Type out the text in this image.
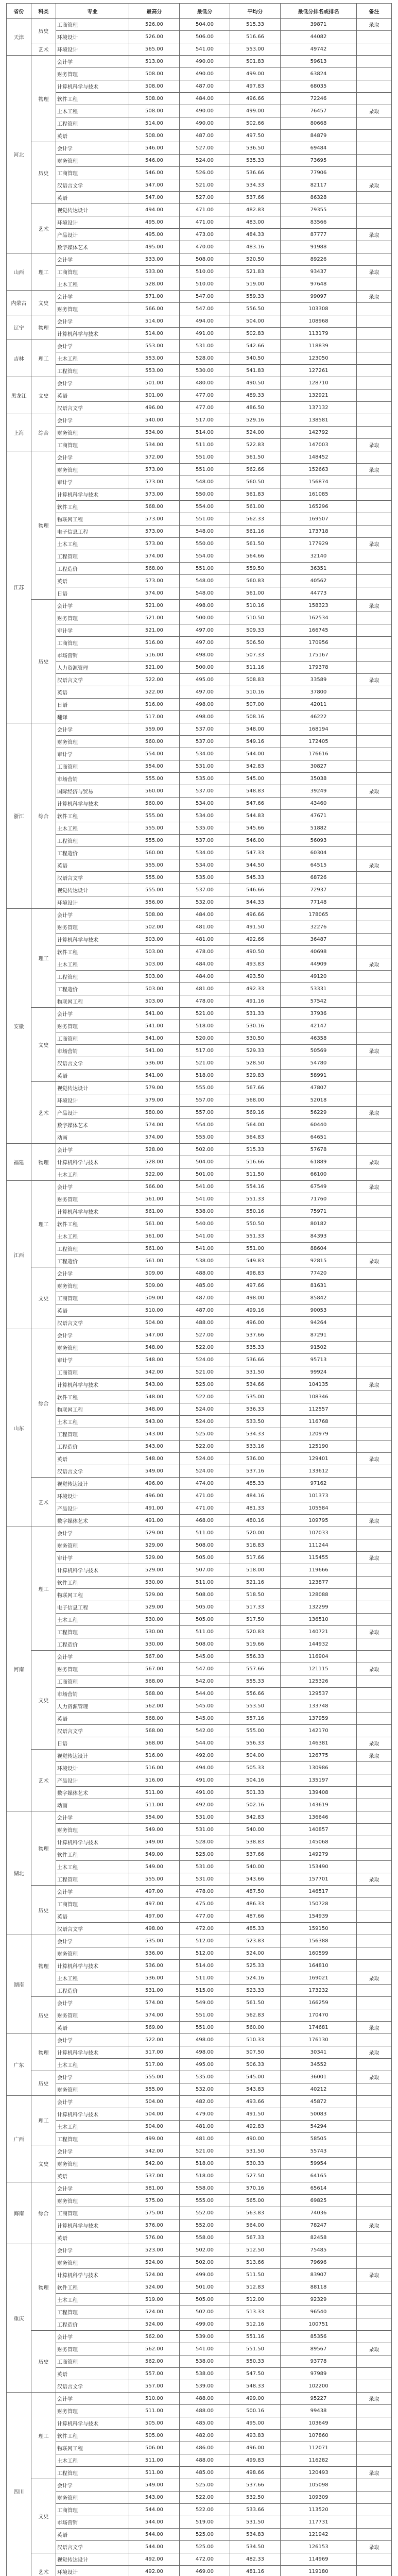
省份	科类	专业	最高分	最低分	平均分	最低分排名或排名	备注
天津	历史	工商管理	526.00	504.00	515.33	39871	录取
		环境设计	526.00	506.00	516.66	44082	
	艺术	环境设计	565.00	541.00	553.00	49742	
河北	物理	会计学	513.00	490.00	501.83	59613	
		财务管理	508.00	490.00	499.00	63824	
		计算机科学与技术	508.00	487.00	497.83	68035	
		软件工程	508.00	484.00	496.66	72246	
		土木工程	508.00	490.00	499.00	76457	录取
		工程管理	514.00	490.00	502.66	80668	
		英语	508.00	487.00	497.50	84879	
	历史	会计学	546.00	527.00	536.50	69484	
		财务管理	546.00	524.00	535.33	73695	
		工商管理	546.00	526.00	536.66	77906	
		汉语言文学	547.00	521.00	534.33	82117	录取
		英语	547.00	527.00	537.66	86328	
	艺术	视觉传达设计	494.00	471.00	482.83	79355	
		环境设计	495.00	471.00	483.00	83566	
		产品设计	495.00	473.00	484.33	87777	录取
		数字媒体艺术	495.00	470.00	483.16	91988	
山西	理工	会计学	533.00	508.00	520.50	89226	
		工商管理	533.00	510.00	521.83	93437	录取
		土木工程	528.00	510.00	519.00	97648	
内蒙古	文史	会计学	571.00	547.00	559.33	99097	录取
		财务管理	566.00	547.00	556.50	103308	
辽宁	物理	会计学	514.00	494.00	504.00	108968	
		计算机科学与技术	514.00	491.00	502.83	113179	
吉林	理工	会计学	553.00	531.00	542.66	118839	
		土木工程	553.00	528.00	540.50	123050	
		工程管理	553.00	530.00	541.83	127261	
黑龙江	文史	会计学	501.00	480.00	490.50	128710	
		英语	501.00	477.00	489.33	132921	
		汉语言文学	496.00	477.00	486.50	137132	
上海	综合	会计学	540.00	517.00	529.16	138581	
		财务管理	534.00	514.00	524.00	142792	
		工商管理	534.00	511.00	522.83	147003	录取
江苏	物理	会计学	572.00	551.00	561.50	148452	
		财务管理	573.00	551.00	562.66	152663	录取
		审计学	573.00	548.00	560.50	156874	
		计算机科学与技术	573.00	550.00	561.83	161085	
		软件工程	568.00	554.00	561.00	165296	
		物联网工程	573.00	551.00	562.33	169507	
		电子信息工程	573.00	548.00	561.16	173718	
		土木工程	573.00	550.00	561.50	177929	录取
		工程管理	574.00	554.00	564.66	32140	
		工程造价	568.00	551.00	559.50	36351	
		英语	573.00	548.00	560.83	40562	
		日语	574.00	548.00	561.00	44773	
	历史	会计学	521.00	498.00	510.16	158323	录取
		财务管理	521.00	500.00	510.50	162534	
		审计学	521.00	497.00	509.33	166745	
		工商管理	516.00	497.00	506.50	170956	
		市场营销	516.00	498.00	507.33	175167	
		人力资源管理	521.00	500.00	511.16	179378	
		汉语言文学	522.00	495.00	508.83	33589	录取
		英语	522.00	497.00	510.16	37800	
		日语	516.00	498.00	507.00	42011	
		翻译	517.00	498.00	508.16	46222	
浙江	综合	会计学	559.00	537.00	548.00	168194	
		财务管理	560.00	537.00	549.16	172405	
		审计学	554.00	534.00	544.00	176616	
		工商管理	554.00	531.00	542.83	30827	
		市场营销	555.00	535.00	545.00	35038	
		国际经济与贸易	560.00	537.00	548.83	39249	录取
		计算机科学与技术	560.00	534.00	547.66	43460	
		软件工程	555.00	534.00	544.83	47671	
		土木工程	555.00	535.00	545.66	51882	
		工程管理	555.00	537.00	546.00	56093	
		工程造价	560.00	534.00	547.33	60304	
		英语	555.00	534.00	544.50	64515	录取
		汉语言文学	555.00	535.00	545.33	68726	
		视觉传达设计	555.00	537.00	546.66	72937	
		环境设计	556.00	532.00	544.33	77148	
安徽	理工	会计学	508.00	484.00	496.66	178065	
		财务管理	502.00	481.00	491.50	32276	
		计算机科学与技术	503.00	481.00	492.66	36487	
		软件工程	503.00	478.00	490.50	40698	
		土木工程	503.00	484.00	493.83	44909	录取
		工程管理	503.00	484.00	493.50	49120	
		工程造价	503.00	481.00	492.33	53331	
		物联网工程	503.00	478.00	491.16	57542	
	文史	会计学	541.00	521.00	531.33	37936	
		财务管理	541.00	518.00	530.16	42147	
		工商管理	541.00	520.00	530.50	46358	
		市场营销	541.00	517.00	529.33	50569	录取
		汉语言文学	536.00	521.00	528.50	54780	
		英语	541.00	518.00	529.83	58991	
	艺术	视觉传达设计	579.00	555.00	567.66	47807	
		环境设计	579.00	557.00	568.00	52018	
		产品设计	580.00	557.00	569.16	56229	录取
		数字媒体艺术	574.00	554.00	564.00	60440	
		动画	574.00	555.00	564.83	64651	
福建	物理	会计学	528.00	502.00	515.33	57678	
		计算机科学与技术	528.00	504.00	516.66	61889	录取
		土木工程	522.00	501.00	511.50	66100	
江西	理工	会计学	566.00	541.00	554.16	67549	录取
		财务管理	561.00	541.00	551.33	71760	
		计算机科学与技术	561.00	538.00	550.16	75971	
		软件工程	561.00	540.00	550.50	80182	
		土木工程	561.00	541.00	551.33	84393	
		工程管理	561.00	541.00	551.00	88604	
		工程造价	561.00	538.00	549.83	92815	录取
	文史	会计学	509.00	488.00	498.83	77420	
		财务管理	509.00	485.00	497.66	81631	
		工商管理	509.00	487.00	498.00	85842	
		英语	510.00	487.00	499.16	90053	
		汉语言文学	504.00	488.00	496.00	94264	
山东	综合	会计学	547.00	527.00	537.66	87291	
		财务管理	548.00	522.00	535.33	91502	
		审计学	548.00	524.00	536.66	95713	
		工商管理	542.00	521.00	531.50	99924	
		计算机科学与技术	543.00	525.00	534.66	104135	录取
		软件工程	548.00	522.00	535.00	108346	
		物联网工程	548.00	524.00	536.33	112557	
		土木工程	543.00	524.00	533.50	116768	
		工程管理	543.00	525.00	534.33	120979	
		工程造价	543.00	522.00	533.16	125190	
		英语	548.00	524.00	536.00	129401	录取
		汉语言文学	549.00	524.00	537.16	133612	
	艺术	视觉传达设计	496.00	474.00	485.33	97162	
		环境设计	496.00	471.00	484.16	101373	
		产品设计	491.00	471.00	481.33	105584	
		数字媒体艺术	491.00	468.00	480.16	109795	录取
河南	理工	会计学	529.00	511.00	520.00	107033	
		财务管理	529.00	508.00	518.83	111244	
		审计学	529.00	505.00	517.66	115455	录取
		计算机科学与技术	529.00	507.00	518.00	119666	
		软件工程	530.00	511.00	521.16	123877	
		物联网工程	529.00	508.00	518.50	128088	
		电子信息工程	529.00	505.00	517.33	132299	
		土木工程	530.00	505.00	517.50	136510	
		工程管理	530.00	511.00	520.83	140721	录取
		工程造价	530.00	508.00	519.66	144932	
	文史	会计学	567.00	545.00	556.33	116904	
		财务管理	567.00	547.00	557.66	121115	录取
		工商管理	568.00	542.00	555.33	125326	
		市场营销	568.00	544.00	556.66	129537	
		人力资源管理	562.00	545.00	553.50	133748	
		英语	568.00	545.00	557.16	137959	
		汉语言文学	568.00	542.00	555.00	142170	
		日语	568.00	544.00	556.33	146381	录取
	艺术	视觉传达设计	516.00	492.00	504.00	126775	录取
		环境设计	516.00	494.00	505.33	130986	
		产品设计	516.00	491.00	504.16	135197	
		数字媒体艺术	511.00	491.00	501.33	139408	
		动画	511.00	492.00	502.16	143619	
湖北	物理	会计学	554.00	531.00	542.83	136646	
		财务管理	549.00	531.00	540.00	140857	
		计算机科学与技术	549.00	528.00	538.83	145068	
		软件工程	549.00	525.00	537.66	149279	
		土木工程	549.00	531.00	540.00	153490	
		工程管理	555.00	531.00	543.66	157701	录取
	历史	会计学	497.00	478.00	487.50	146517	
		工商管理	497.00	475.00	486.33	150728	
		英语	497.00	477.00	487.66	154939	
		汉语言文学	498.00	472.00	485.33	159150	
湖南	物理	会计学	535.00	512.00	523.83	156388	
		财务管理	536.00	512.00	524.00	160599	
		计算机科学与技术	536.00	514.00	525.33	164810	
		土木工程	536.00	511.00	524.16	169021	录取
		工程造价	531.00	515.00	523.33	173232	
	历史	会计学	574.00	549.00	561.50	166259	
		财务管理	574.00	551.00	562.83	170470	
		英语	569.00	551.00	560.00	174681	录取
广东	物理	会计学	522.00	498.00	510.33	176130	
		计算机科学与技术	517.00	498.00	507.50	30341	录取
		土木工程	517.00	495.00	506.33	34552	
	历史	会计学	555.00	535.00	545.00	36001	录取
		财务管理	555.00	532.00	543.83	40212	
广西	理工	会计学	504.00	482.00	493.66	45872	
		计算机科学与技术	504.00	479.00	491.50	50083	
		土木工程	504.00	481.00	492.83	54294	
		工程管理	499.00	481.00	490.00	58505	
	文史	会计学	542.00	521.00	531.50	55743	
		财务管理	542.00	518.00	530.33	59954	
		英语	537.00	518.00	527.50	64165	
海南	综合	会计学	581.00	558.00	570.16	65614	
		财务管理	575.00	555.00	565.00	69825	
		工商管理	575.00	552.00	563.83	74036	
		计算机科学与技术	576.00	552.00	564.00	78247	录取
		英语	576.00	558.00	567.33	82458	
重庆	物理	会计学	523.00	502.00	512.50	75485	
		财务管理	524.00	502.00	513.66	79696	
		计算机科学与技术	524.00	499.00	511.50	83907	录取
		软件工程	524.00	501.00	512.83	88118	
		土木工程	519.00	505.00	512.00	92329	
		工程管理	524.00	502.00	513.33	96540	
		工程造价	524.00	499.00	512.16	100751	
	历史	会计学	562.00	539.00	551.16	85356	
		财务管理	562.00	541.00	551.50	89567	录取
		工商管理	562.00	538.00	550.33	93778	
		英语	557.00	538.00	547.50	97989	
		汉语言文学	557.00	539.00	548.33	102200	
四川	理工	会计学	510.00	488.00	499.00	95227	录取
		财务管理	511.00	488.00	500.16	99438	
		计算机科学与技术	505.00	485.00	495.00	103649	
		软件工程	505.00	482.00	493.83	107860	
		物联网工程	506.00	486.00	496.00	112071	
		土木工程	511.00	488.00	499.83	116282	
		工程管理	511.00	485.00	498.66	120493	录取
	文史	会计学	549.00	525.00	537.66	105098	
		财务管理	543.00	522.00	532.50	109309	
		工商管理	544.00	522.00	533.66	113520	
		市场营销	544.00	519.00	531.50	117731	
		英语	544.00	525.00	534.83	121942	
		汉语言文学	544.00	525.00	534.50	126153	录取
	艺术	视觉传达设计	492.00	472.00	482.33	114969	
		环境设计	492.00	469.00	481.16	119180	
